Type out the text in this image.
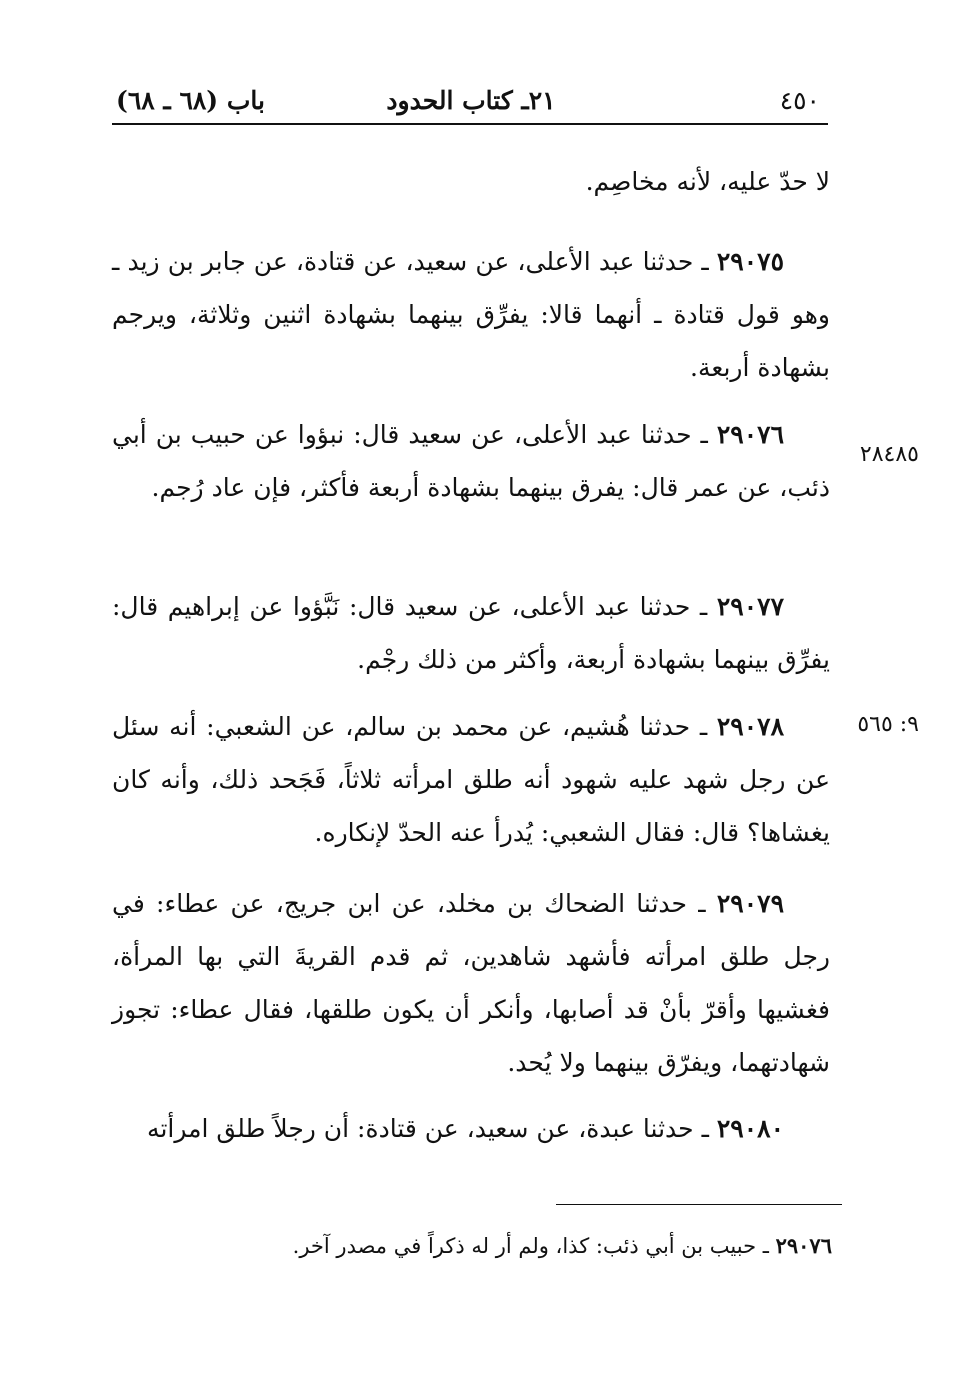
٤٥٠
٢١ـ كتاب الحدود
باب (٦٨ ـ ٦٨)

لا حدّ عليه، لأنه مخاصِم.

٢٩٠٧٥ ـ حدثنا عبد الأعلى، عن سعيد، عن قتادة، عن جابر بن زيد ـ وهو قول قتادة ـ أنهما قالا: يفرِّق بينهما بشهادة اثنين وثلاثة، ويرجم بشهادة أربعة.

٢٩٠٧٦ ـ حدثنا عبد الأعلى، عن سعيد قال: نبؤوا عن حبيب بن أبي ذئب، عن عمر قال: يفرق بينهما بشهادة أربعة فأكثر، فإن عاد رُجم.

٢٨٤٨٥

٢٩٠٧٧ ـ حدثنا عبد الأعلى، عن سعيد قال: نَبَّؤوا عن إبراهيم قال: يفرِّق بينهما بشهادة أربعة، وأكثر من ذلك رجْم.

٢٩٠٧٨ ـ حدثنا هُشيم، عن محمد بن سالم، عن الشعبي: أنه سئل عن رجل شهد عليه شهود أنه طلق امرأته ثلاثاً، فَجَحد ذلك، وأنه كان يغشاها؟ قال: فقال الشعبي: يُدرأ عنه الحدّ لإنكاره.

٩: ٥٦٥

٢٩٠٧٩ ـ حدثنا الضحاك بن مخلد، عن ابن جريج، عن عطاء: في رجل طلق امرأته فأشهد شاهدين، ثم قدم القريةَ التي بها المرأة، فغشيها وأقرّ بأنْ قد أصابها، وأنكر أن يكون طلقها، فقال عطاء: تجوز شهادتهما، ويفرّق بينهما ولا يُحد.

٢٩٠٨٠ ـ حدثنا عبدة، عن سعيد، عن قتادة: أن رجلاً طلق امرأته

٢٩٠٧٦ ـ حبيب بن أبي ذئب: كذا، ولم أر له ذكراً في مصدر آخر.
